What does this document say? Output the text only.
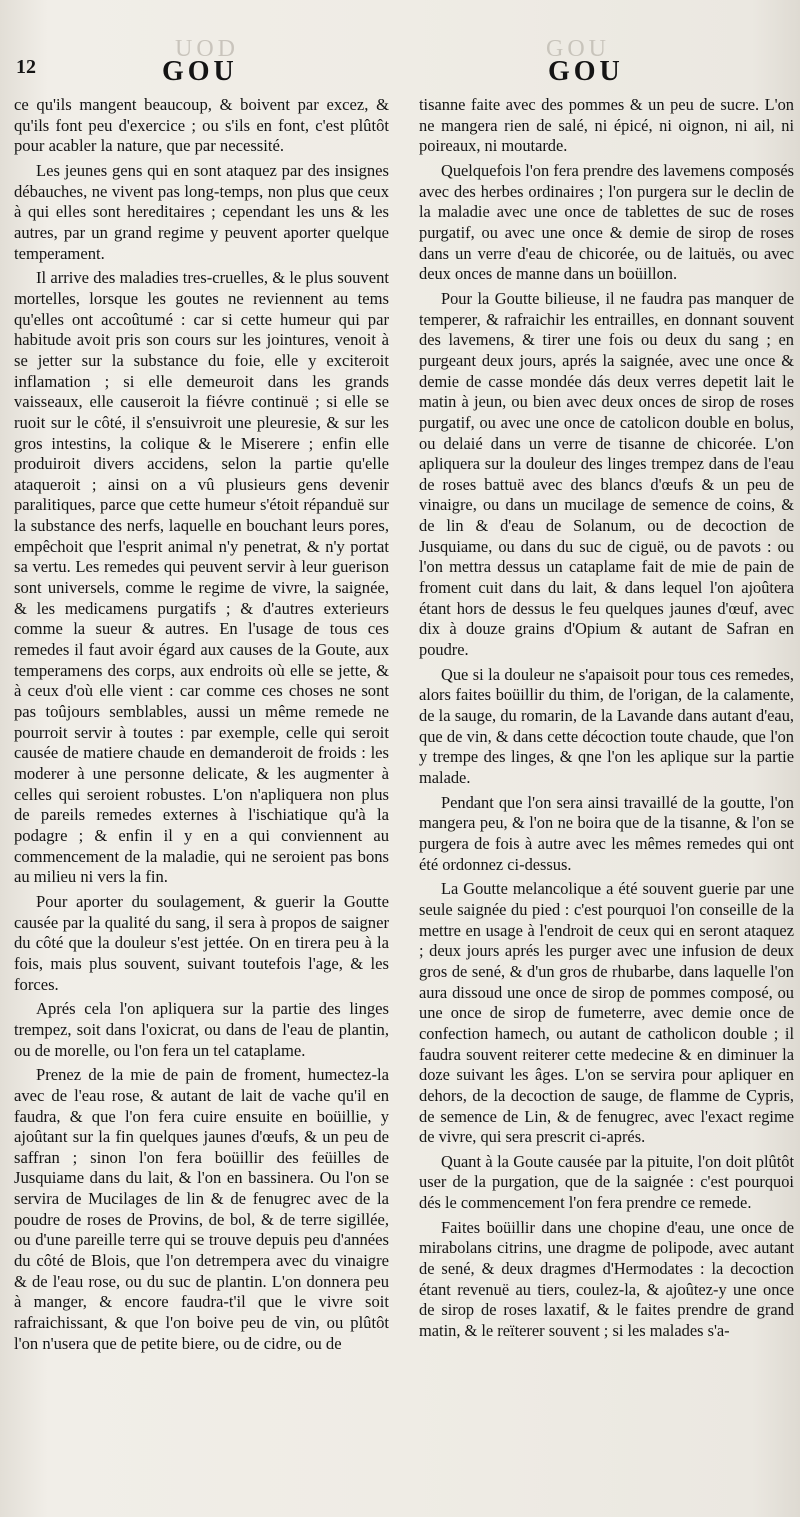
UOD	GOU
12	GOU	GOU

ce qu'ils mangent beaucoup, & boivent par excez, & qu'ils font peu d'exercice ; ou s'ils en font, c'est plûtôt pour acabler la nature, que par necessité.

Les jeunes gens qui en sont ataquez par des insignes débauches, ne vivent pas long-temps, non plus que ceux à qui elles sont hereditaires ; cependant les uns & les autres, par un grand regime y peuvent aporter quelque temperament.

Il arrive des maladies tres-cruelles, & le plus souvent mortelles, lorsque les goutes ne reviennent au tems qu'elles ont accoûtumé : car si cette humeur qui par habitude avoit pris son cours sur les jointures, venoit à se jetter sur la substance du foie, elle y exciteroit inflamation ; si elle demeuroit dans les grands vaisseaux, elle causeroit la fiévre continuë ; si elle se ruoit sur le côté, il s'ensuivroit une pleuresie, & sur les gros intestins, la colique & le Miserere ; enfin elle produiroit divers accidens, selon la partie qu'elle ataqueroit ; ainsi on a vû plusieurs gens devenir paralitiques, parce que cette humeur s'étoit répanduë sur la substance des nerfs, laquelle en bouchant leurs pores, empêchoit que l'esprit animal n'y penetrat, & n'y portat sa vertu. Les remedes qui peuvent servir à leur guerison sont universels, comme le regime de vivre, la saignée, & les medicamens purgatifs ; & d'autres exterieurs comme la sueur & autres. En l'usage de tous ces remedes il faut avoir égard aux causes de la Goute, aux temperamens des corps, aux endroits où elle se jette, & à ceux d'où elle vient : car comme ces choses ne sont pas toûjours semblables, aussi un même remede ne pourroit servir à toutes : par exemple, celle qui seroit causée de matiere chaude en demanderoit de froids : les moderer à une personne delicate, & les augmenter à celles qui seroient robustes. L'on n'apliquera non plus de pareils remedes externes à l'ischiatique qu'à la podagre ; & enfin il y en a qui conviennent au commencement de la maladie, qui ne seroient pas bons au milieu ni vers la fin.

Pour aporter du soulagement, & guerir la Goutte causée par la qualité du sang, il sera à propos de saigner du côté que la douleur s'est jettée. On en tirera peu à la fois, mais plus souvent, suivant toutefois l'age, & les forces.

Aprés cela l'on apliquera sur la partie des linges trempez, soit dans l'oxicrat, ou dans de l'eau de plantin, ou de morelle, ou l'on fera un tel cataplame.

Prenez de la mie de pain de froment, humectez-la avec de l'eau rose, & autant de lait de vache qu'il en faudra, & que l'on fera cuire ensuite en boüillie, y ajoûtant sur la fin quelques jaunes d'œufs, & un peu de saffran ; sinon l'on fera boüillir des feüilles de Jusquiame dans du lait, & l'on en bassinera. Ou l'on se servira de Mucilages de lin & de fenugrec avec de la poudre de roses de Provins, de bol, & de terre sigillée, ou d'une pareille terre qui se trouve depuis peu d'années du côté de Blois, que l'on detrempera avec du vinaigre & de l'eau rose, ou du suc de plantin. L'on donnera peu à manger, & encore faudra-t'il que le vivre soit rafraichissant, & que l'on boive peu de vin, ou plûtôt l'on n'usera que de petite biere, ou de cidre, ou de

tisanne faite avec des pommes & un peu de sucre. L'on ne mangera rien de salé, ni épicé, ni oignon, ni ail, ni poireaux, ni moutarde.

Quelquefois l'on fera prendre des lavemens composés avec des herbes ordinaires ; l'on purgera sur le declin de la maladie avec une once de tablettes de suc de roses purgatif, ou avec une once & demie de sirop de roses dans un verre d'eau de chicorée, ou de laituës, ou avec deux onces de manne dans un boüillon.

Pour la Goutte bilieuse, il ne faudra pas manquer de temperer, & rafraichir les entrailles, en donnant souvent des lavemens, & tirer une fois ou deux du sang ; en purgeant deux jours, aprés la saignée, avec une once & demie de casse mondée dás deux verres depetit lait le matin à jeun, ou bien avec deux onces de sirop de roses purgatif, ou avec une once de catolicon double en bolus, ou delaié dans un verre de tisanne de chicorée. L'on apliquera sur la douleur des linges trempez dans de l'eau de roses battuë avec des blancs d'œufs & un peu de vinaigre, ou dans un mucilage de semence de coins, & de lin & d'eau de Solanum, ou de decoction de Jusquiame, ou dans du suc de ciguë, ou de pavots : ou l'on mettra dessus un cataplame fait de mie de pain de froment cuit dans du lait, & dans lequel l'on ajoûtera étant hors de dessus le feu quelques jaunes d'œuf, avec dix à douze grains d'Opium & autant de Safran en poudre.

Que si la douleur ne s'apaisoit pour tous ces remedes, alors faites boüillir du thim, de l'origan, de la calamente, de la sauge, du romarin, de la Lavande dans autant d'eau, que de vin, & dans cette décoction toute chaude, que l'on y trempe des linges, & qne l'on les aplique sur la partie malade.

Pendant que l'on sera ainsi travaillé de la goutte, l'on mangera peu, & l'on ne boira que de la tisanne, & l'on se purgera de fois à autre avec les mêmes remedes qui ont été ordonnez ci-dessus.

La Goutte melancolique a été souvent guerie par une seule saignée du pied : c'est pourquoi l'on conseille de la mettre en usage à l'endroit de ceux qui en seront ataquez ; deux jours aprés les purger avec une infusion de deux gros de sené, & d'un gros de rhubarbe, dans laquelle l'on aura dissoud une once de sirop de pommes composé, ou une once de sirop de fumeterre, avec demie once de confection hamech, ou autant de catholicon double ; il faudra souvent reiterer cette medecine & en diminuer la doze suivant les âges. L'on se servira pour apliquer en dehors, de la decoction de sauge, de flamme de Cypris, de semence de Lin, & de fenugrec, avec l'exact regime de vivre, qui sera prescrit ci-aprés.

Quant à la Goute causée par la pituite, l'on doit plûtôt user de la purgation, que de la saignée : c'est pourquoi dés le commencement l'on fera prendre ce remede.

Faites boüillir dans une chopine d'eau, une once de mirabolans citrins, une dragme de polipode, avec autant de sené, & deux dragmes d'Hermodates : la decoction étant revenuë au tiers, coulez-la, & ajoûtez-y une once de sirop de roses laxatif, & le faites prendre de grand matin, & le reïterer souvent ; si les malades s'a-
